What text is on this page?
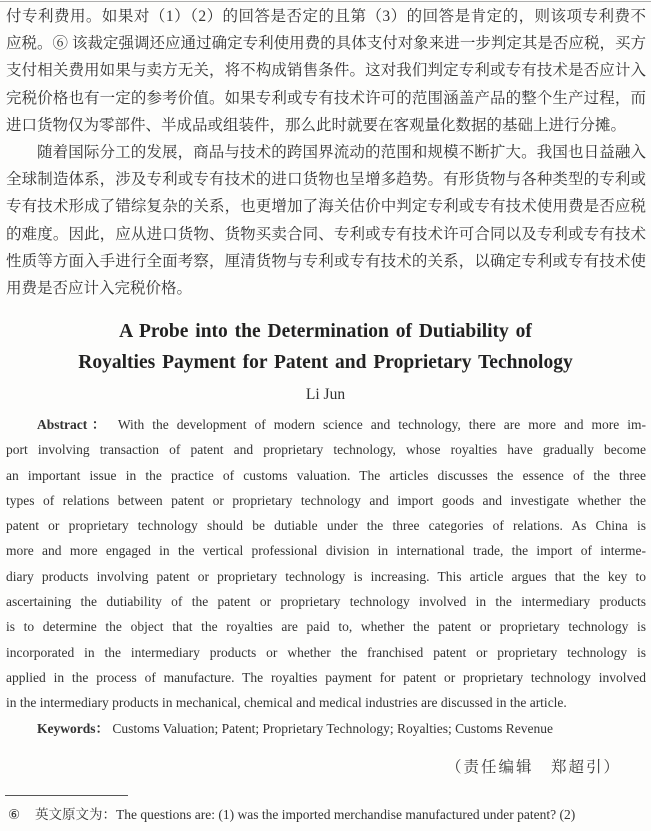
付专利费用。如果对（1）（2）的回答是否定的且第（3）的回答是肯定的，则该项专利费不
应税。⑥ 该裁定强调还应通过确定专利使用费的具体支付对象来进一步判定其是否应税，买方
支付相关费用如果与卖方无关，将不构成销售条件。这对我们判定专利或专有技术是否应计入
完税价格也有一定的参考价值。如果专利或专有技术许可的范围涵盖产品的整个生产过程，而
进口货物仅为零部件、半成品或组装件，那么此时就要在客观量化数据的基础上进行分摊。
随着国际分工的发展，商品与技术的跨国界流动的范围和规模不断扩大。我国也日益融入
全球制造体系，涉及专利或专有技术的进口货物也呈增多趋势。有形货物与各种类型的专利或
专有技术形成了错综复杂的关系，也更增加了海关估价中判定专利或专有技术使用费是否应税
的难度。因此，应从进口货物、货物买卖合同、专利或专有技术许可合同以及专利或专有技术
性质等方面入手进行全面考察，厘清货物与专利或专有技术的关系，以确定专利或专有技术使
用费是否应计入完税价格。
A Probe into the Determination of Dutiability of
Royalties Payment for Patent and Proprietary Technology
Li Jun
Abstract： With the development of modern science and technology, there are more and more im-
port involving transaction of patent and proprietary technology, whose royalties have gradually become
an important issue in the practice of customs valuation. The articles discusses the essence of the three
types of relations between patent or proprietary technology and import goods and investigate whether the
patent or proprietary technology should be dutiable under the three categories of relations. As China is
more and more engaged in the vertical professional division in international trade, the import of interme-
diary products involving patent or proprietary technology is increasing. This article argues that the key to
ascertaining the dutiability of the patent or proprietary technology involved in the intermediary products
is to determine the object that the royalties are paid to, whether the patent or proprietary technology is
incorporated in the intermediary products or whether the franchised patent or proprietary technology is
applied in the process of manufacture. The royalties payment for patent or proprietary technology involved
in the intermediary products in mechanical, chemical and medical industries are discussed in the article.
Keywords： Customs Valuation; Patent; Proprietary Technology; Royalties; Customs Revenue
（责任编辑　郑超引）
⑥ 英文原文为：The questions are: (1) was the imported merchandise manufactured under patent? (2)
